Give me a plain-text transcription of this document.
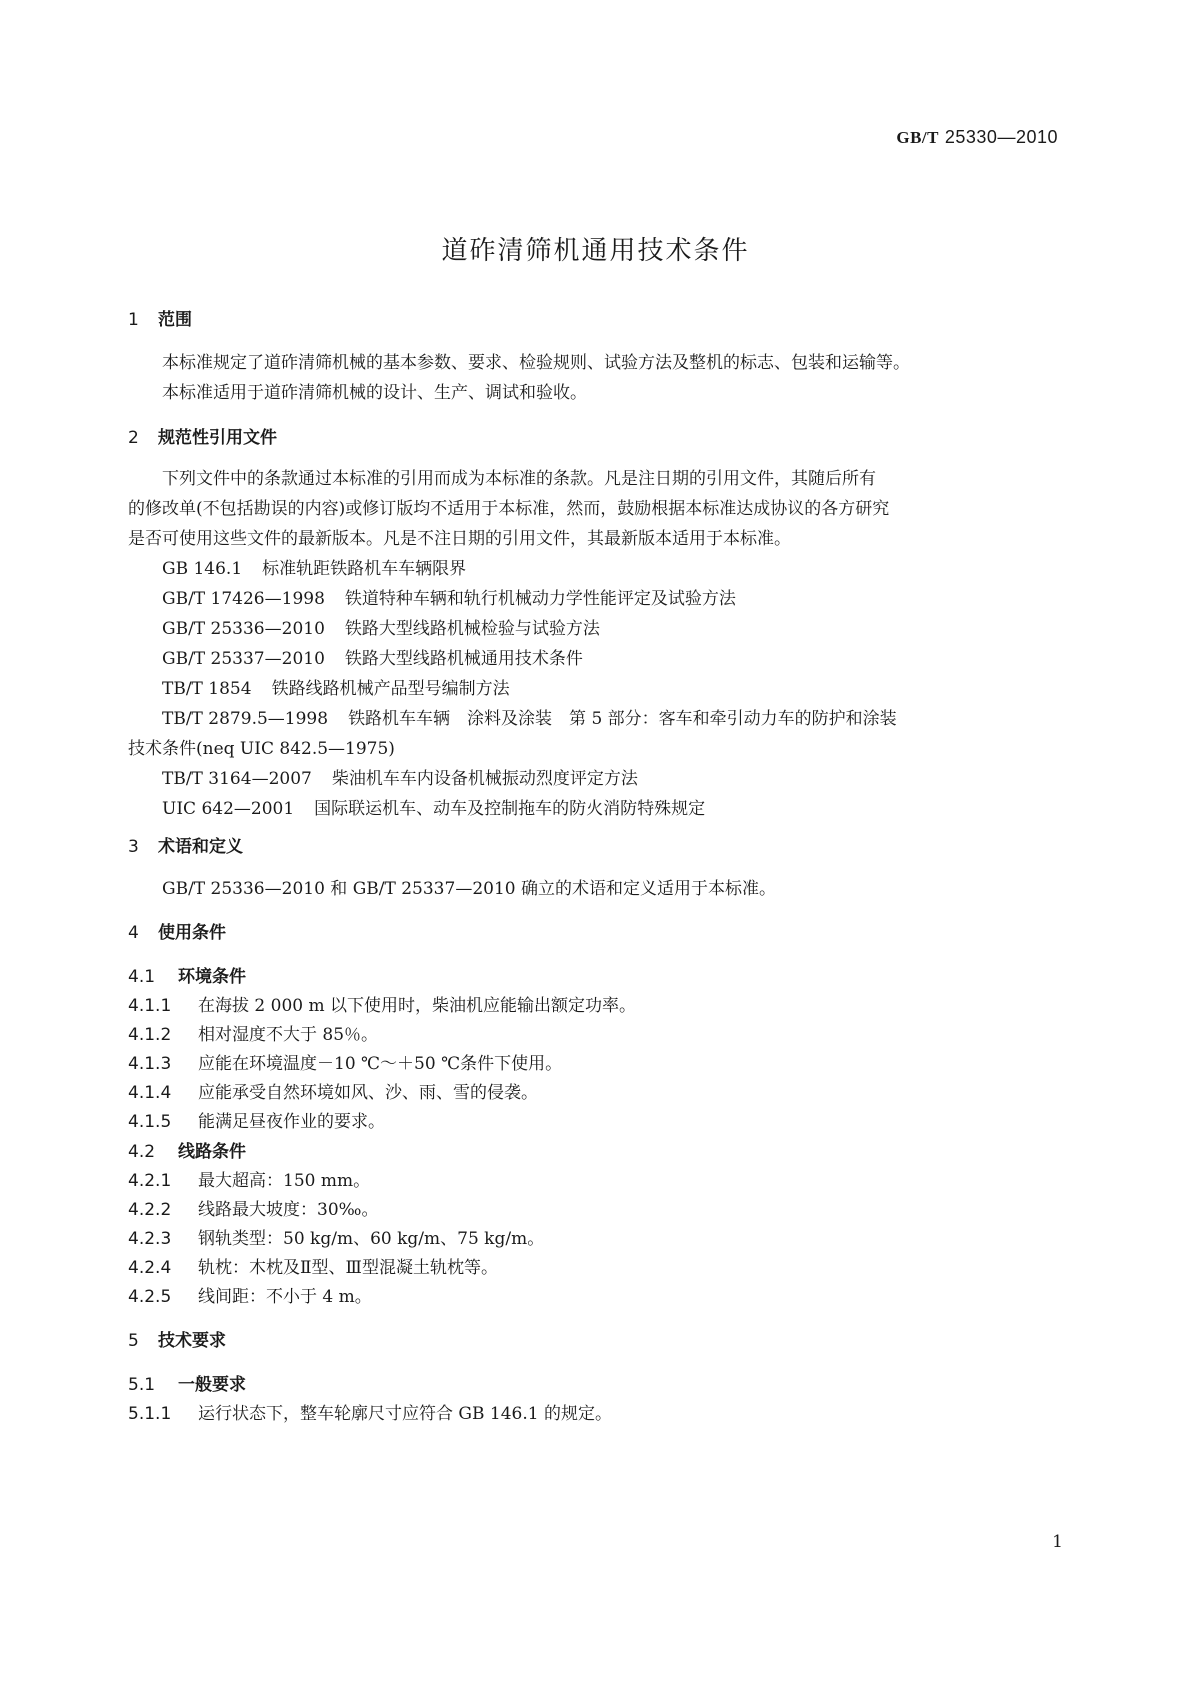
GB/T 25330—2010
道砟清筛机通用技术条件
1 范围
本标准规定了道砟清筛机械的基本参数、要求、检验规则、试验方法及整机的标志、包装和运输等。
本标准适用于道砟清筛机械的设计、生产、调试和验收。
2 规范性引用文件
下列文件中的条款通过本标准的引用而成为本标准的条款。凡是注日期的引用文件，其随后所有
的修改单(不包括勘误的内容)或修订版均不适用于本标准，然而，鼓励根据本标准达成协议的各方研究
是否可使用这些文件的最新版本。凡是不注日期的引用文件，其最新版本适用于本标准。
GB 146.1 标准轨距铁路机车车辆限界
GB/T 17426—1998 铁道特种车辆和轨行机械动力学性能评定及试验方法
GB/T 25336—2010 铁路大型线路机械检验与试验方法
GB/T 25337—2010 铁路大型线路机械通用技术条件
TB/T 1854 铁路线路机械产品型号编制方法
TB/T 2879.5—1998 铁路机车车辆　涂料及涂装　第 5 部分：客车和牵引动力车的防护和涂装
技术条件(neq UIC 842.5—1975)
TB/T 3164—2007 柴油机车车内设备机械振动烈度评定方法
UIC 642—2001 国际联运机车、动车及控制拖车的防火消防特殊规定
3 术语和定义
GB/T 25336—2010 和 GB/T 25337—2010 确立的术语和定义适用于本标准。
4 使用条件
4.1 环境条件
4.1.1 在海拔 2 000 m 以下使用时，柴油机应能输出额定功率。
4.1.2 相对湿度不大于 85％。
4.1.3 应能在环境温度－10 ℃～＋50 ℃条件下使用。
4.1.4 应能承受自然环境如风、沙、雨、雪的侵袭。
4.1.5 能满足昼夜作业的要求。
4.2 线路条件
4.2.1 最大超高：150 mm。
4.2.2 线路最大坡度：30‰。
4.2.3 钢轨类型：50 kg/m、60 kg/m、75 kg/m。
4.2.4 轨枕：木枕及Ⅱ型、Ⅲ型混凝土轨枕等。
4.2.5 线间距：不小于 4 m。
5 技术要求
5.1 一般要求
5.1.1 运行状态下，整车轮廓尺寸应符合 GB 146.1 的规定。
1
